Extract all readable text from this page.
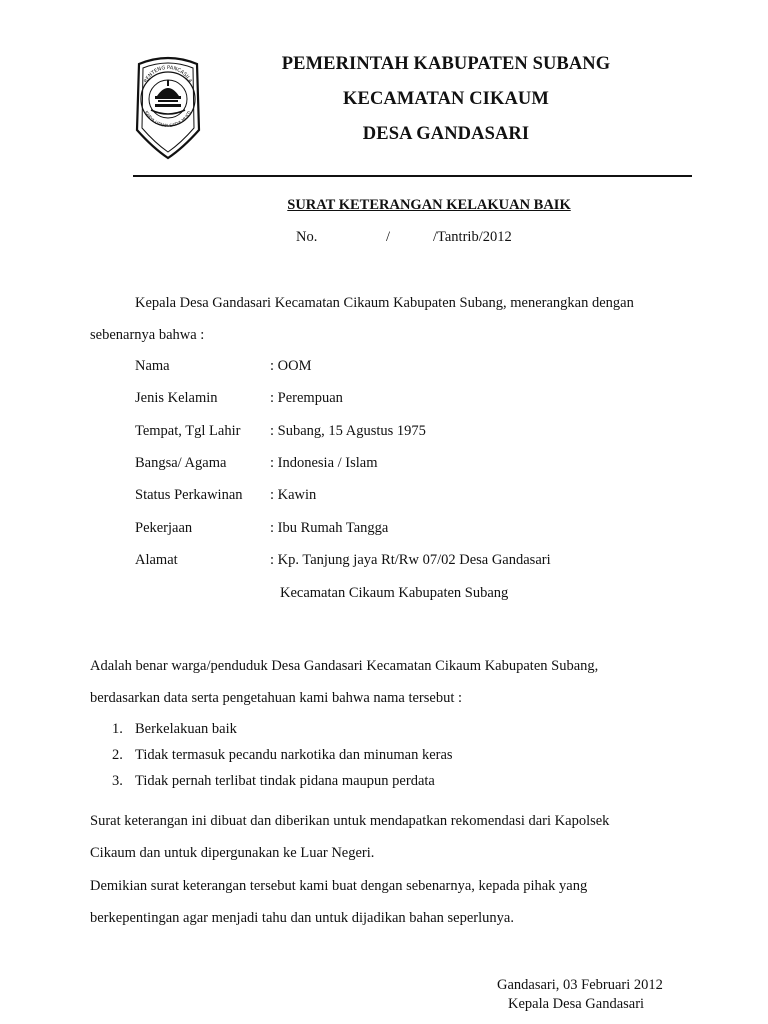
BENTENG PANCASILA
KARYA UTAMA SATYA MUKTI
PEMERINTAH KABUPATEN SUBANG
KECAMATAN CIKAUM
DESA GANDASARI
SURAT KETERANGAN KELAKUAN BAIK
No.	/	/Tantrib/2012
Kepala Desa Gandasari Kecamatan Cikaum Kabupaten Subang, menerangkan dengan
sebenarnya bahwa :
Nama	: OOM
Jenis Kelamin	: Perempuan
Tempat, Tgl Lahir : Subang, 15 Agustus 1975
Bangsa/ Agama	: Indonesia / Islam
Status Perkawinan : Kawin
Pekerjaan	: Ibu Rumah Tangga
Alamat	: Kp. Tanjung jaya Rt/Rw 07/02 Desa Gandasari
Kecamatan Cikaum Kabupaten Subang
Adalah benar warga/penduduk Desa Gandasari Kecamatan Cikaum Kabupaten Subang,
berdasarkan data serta pengetahuan kami bahwa nama tersebut :
1. Berkelakuan baik
2. Tidak termasuk pecandu narkotika dan minuman keras
3. Tidak pernah terlibat tindak pidana maupun perdata
Surat keterangan ini dibuat dan diberikan untuk mendapatkan rekomendasi dari Kapolsek
Cikaum dan untuk dipergunakan ke Luar Negeri.
Demikian surat keterangan tersebut kami buat dengan sebenarnya, kepada pihak yang
berkepentingan agar menjadi tahu dan untuk dijadikan bahan seperlunya.
Gandasari, 03 Februari 2012
Kepala Desa Gandasari
